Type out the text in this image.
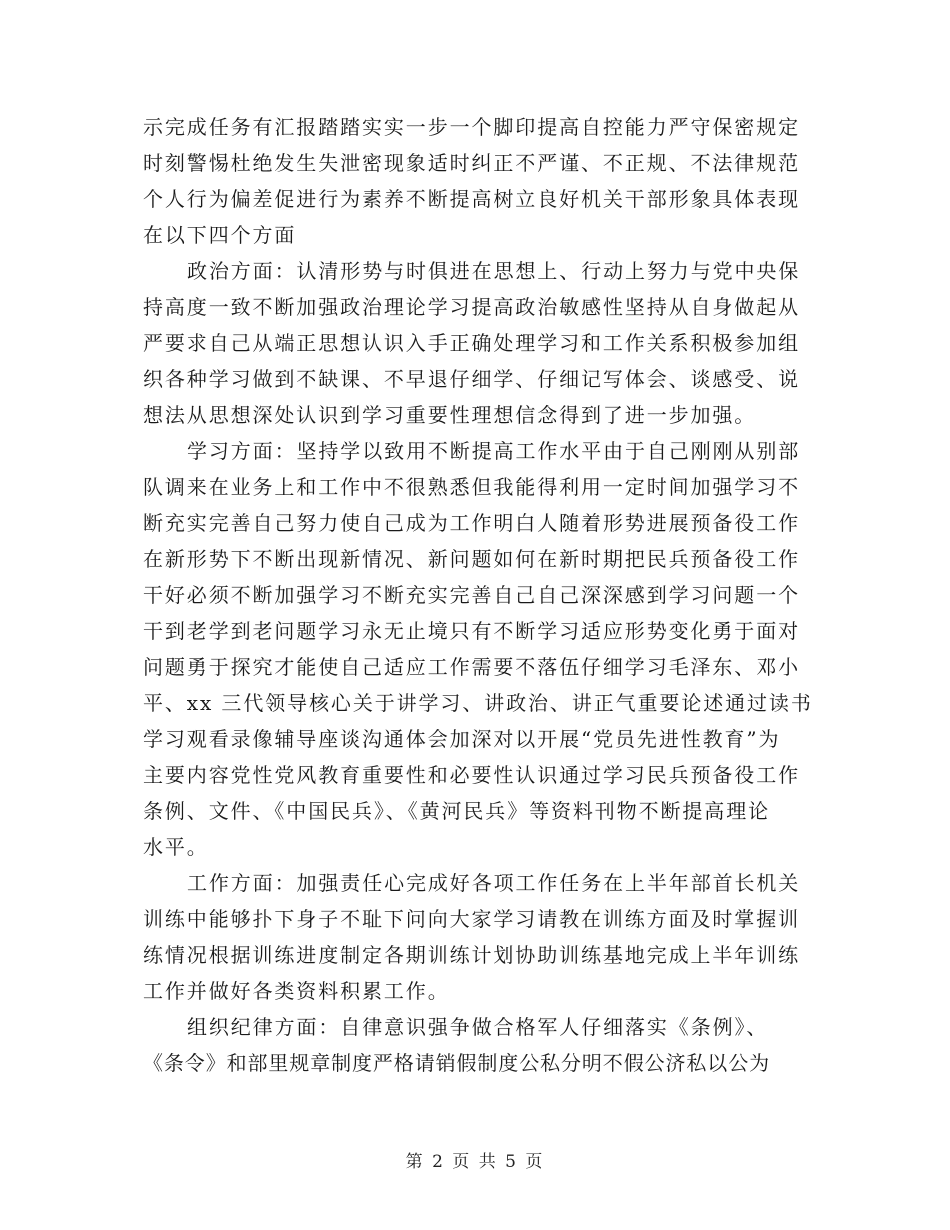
示完成任务有汇报踏踏实实一步一个脚印提高自控能力严守保密规定
时刻警惕杜绝发生失泄密现象适时纠正不严谨、不正规、不法律规范
个人行为偏差促进行为素养不断提高树立良好机关干部形象具体表现
在以下四个方面
政治方面：认清形势与时俱进在思想上、行动上努力与党中央保
持高度一致不断加强政治理论学习提高政治敏感性坚持从自身做起从
严要求自己从端正思想认识入手正确处理学习和工作关系积极参加组
织各种学习做到不缺课、不早退仔细学、仔细记写体会、谈感受、说
想法从思想深处认识到学习重要性理想信念得到了进一步加强。
学习方面：坚持学以致用不断提高工作水平由于自己刚刚从别部
队调来在业务上和工作中不很熟悉但我能得利用一定时间加强学习不
断充实完善自己努力使自己成为工作明白人随着形势进展预备役工作
在新形势下不断出现新情况、新问题如何在新时期把民兵预备役工作
干好必须不断加强学习不断充实完善自己自己深深感到学习问题一个
干到老学到老问题学习永无止境只有不断学习适应形势变化勇于面对
问题勇于探究才能使自己适应工作需要不落伍仔细学习毛泽东、邓小
平、xx 三代领导核心关于讲学习、讲政治、讲正气重要论述通过读书
学习观看录像辅导座谈沟通体会加深对以开展“党员先进性教育”为
主要内容党性党风教育重要性和必要性认识通过学习民兵预备役工作
条例、文件、《中国民兵》、《黄河民兵》等资料刊物不断提高理论
水平。
工作方面：加强责任心完成好各项工作任务在上半年部首长机关
训练中能够扑下身子不耻下问向大家学习请教在训练方面及时掌握训
练情况根据训练进度制定各期训练计划协助训练基地完成上半年训练
工作并做好各类资料积累工作。
组织纪律方面：自律意识强争做合格军人仔细落实《条例》、
《条令》和部里规章制度严格请销假制度公私分明不假公济私以公为
第 2 页 共 5 页
